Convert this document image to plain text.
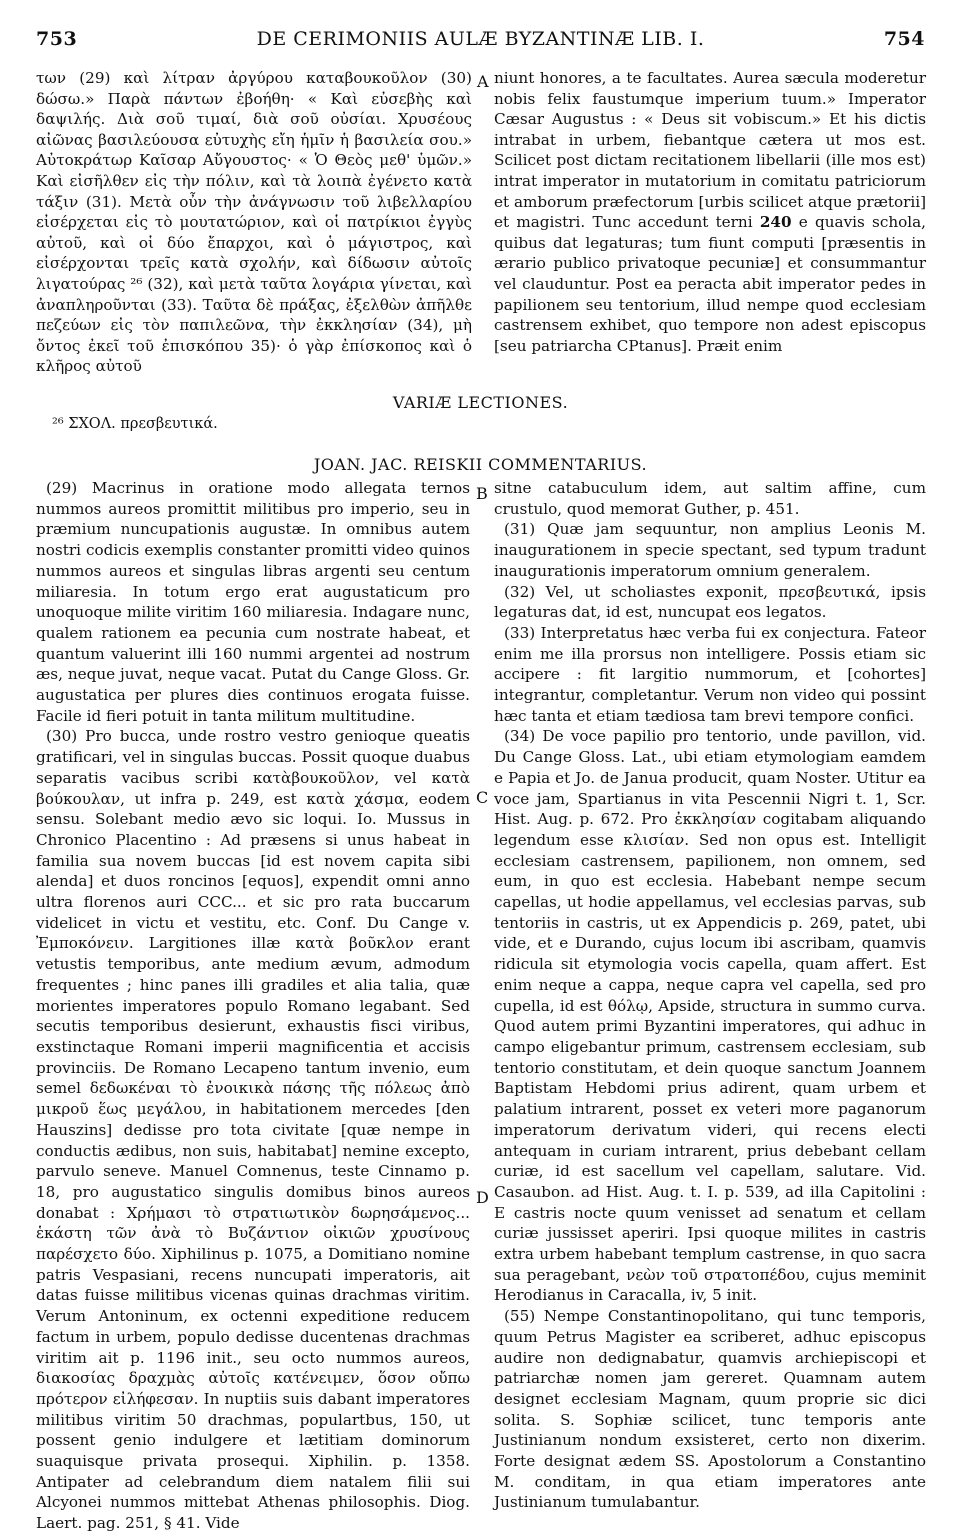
753	DE CERIMONIIS AULÆ BYZANTINÆ LIB. I.	754

των (29) καὶ λίτραν ἀργύρου καταβουκοῦλον (30) δώσω.» Παρὰ πάντων ἐβοήθη· « Καὶ εὐσεβὴς καὶ δαψιλής. Διὰ σοῦ τιμαί, διὰ σοῦ οὐσίαι. Χρυσέους αἰῶνας βασιλεύουσα εὐτυχὴς εἴη ἡμῖν ἡ βασιλεία σου.» Αὐτοκράτωρ Καῖσαρ Αὔγουστος· « Ὁ Θεὸς μεθ' ὑμῶν.» Καὶ εἰσῆλθεν εἰς τὴν πόλιν, καὶ τὰ λοιπὰ ἐγένετο κατὰ τάξιν (31). Μετὰ οὖν τὴν ἀνάγνωσιν τοῦ λιβελλαρίου εἰσέρχεται εἰς τὸ μουτατώριον, καὶ οἱ πατρίκιοι ἐγγὺς αὐτοῦ, καὶ οἱ δύο ἔπαρχοι, καὶ ὁ μάγιστρος, καὶ εἰσέρχονται τρεῖς κατὰ σχολήν, καὶ δίδωσιν αὐτοῖς λιγατούρας ²⁶ (32), καὶ μετὰ ταῦτα λογάρια γίνεται, καὶ ἀναπληροῦνται (33). Ταῦτα δὲ πράξας, ἐξελθὼν ἀπῆλθε πεζεύων εἰς τὸν παπιλεῶνα, τὴν ἐκκλησίαν (34), μὴ ὄντος ἐκεῖ τοῦ ἐπισκόπου 35)· ὁ γὰρ ἐπίσκοπος καὶ ὁ κλῆρος αὐτοῦ

A niunt honores, a te facultates. Aurea sæcula moderetur nobis felix faustumque imperium tuum.» Imperator Cæsar Augustus : « Deus sit vobiscum.» Et his dictis intrabat in urbem, fiebantque cætera ut mos est. Scilicet post dictam recitationem libellarii (ille mos est) intrat imperator in mutatorium in comitatu patriciorum et amborum præfectorum [urbis scilicet atque prætorii] et magistri. Tunc accedunt terni 240 e quavis schola, quibus dat legaturas; tum fiunt computi [præsentis in ærario publico privatoque pecuniæ] et consummantur vel clauduntur. Post ea peracta abit imperator pedes in papilionem seu tentorium, illud nempe quod ecclesiam castrensem exhibet, quo tempore non adest episcopus [seu patriarcha CPtanus]. Præit enim

VARIÆ LECTIONES.
²⁶ ΣΧΟΛ. πρεσβευτικά.
JOAN. JAC. REISKII COMMENTARIUS.

(29) Macrinus in oratione modo allegata ternos nummos aureos promittit militibus pro imperio, seu in præmium nuncupationis augustæ. In omnibus autem nostri codicis exemplis constanter promitti video quinos nummos aureos et singulas libras argenti seu centum miliaresia. In totum ergo erat augustaticum pro unoquoque milite viritim 160 miliaresia. Indagare nunc, qualem rationem ea pecunia cum nostrate habeat, et quantum valuerint illi 160 nummi argentei ad nostrum æs, neque juvat, neque vacat. Putat du Cange Gloss. Gr. augustatica per plures dies continuos erogata fuisse. Facile id fieri potuit in tanta militum multitudine.

(30) Pro bucca, unde rostro vestro genioque queatis gratificari, vel in singulas buccas. Possit quoque duabus separatis vacibus scribi κατὰβουκοῦλον, vel κατὰ βούκουλαν, ut infra p. 249, est κατὰ χάσμα, eodem sensu. Solebant medio ævo sic loqui. Io. Mussus in Chronico Placentino : Ad præsens si unus habeat in familia sua novem buccas [id est novem capita sibi alenda] et duos roncinos [equos], expendit omni anno ultra florenos auri CCC... et sic pro rata buccarum videlicet in victu et vestitu, etc. Conf. Du Cange v. Ἐμποκόνειν. Largitiones illæ κατὰ βοῦκλον erant vetustis temporibus, ante medium ævum, admodum frequentes ; hinc panes illi gradiles et alia talia, quæ morientes imperatores populo Romano legabant. Sed secutis temporibus desierunt, exhaustis fisci viribus, exstinctaque Romani imperii magnificentia et accisis provinciis. De Romano Lecapeno tantum invenio, eum semel δεδωκέναι τὸ ἐνοικικὰ πάσης τῆς πόλεως ἀπὸ μικροῦ ἕως μεγάλου, in habitationem mercedes [den Hauszins] dedisse pro tota civitate [quæ nempe in conductis ædibus, non suis, habitabat] nemine excepto, parvulo seneve. Manuel Comnenus, teste Cinnamo p. 18, pro augustatico singulis domibus binos aureos donabat : Χρήμασι τὸ στρατιωτικὸν δωρησάμενος... ἑκάστη τῶν ἀνὰ τὸ Βυζάντιον οἰκιῶν χρυσίνους παρέσχετο δύο. Xiphilinus p. 1075, a Domitiano nomine patris Vespasiani, recens nuncupati imperatoris, ait datas fuisse militibus vicenas quinas drachmas viritim. Verum Antoninum, ex octenni expeditione reducem factum in urbem, populo dedisse ducentenas drachmas viritim ait p. 1196 init., seu octo nummos aureos, διακοσίας δραχμὰς αὐτοῖς κατένειμεν, ὅσον οὔπω πρότερον εἰλήφεσαν. In nuptiis suis dabant imperatores militibus viritim 50 drachmas, populartbus, 150, ut possent genio indulgere et lætitiam dominorum suaquisque privata prosequi. Xiphilin. p. 1358. Antipater ad celebrandum diem natalem filii sui Alcyonei nummos mittebat Athenas philosophis. Diog. Laert. pag. 251, § 41. Vide

B
C
D

sitne catabuculum idem, aut saltim affine, cum crustulo, quod memorat Guther, p. 451.

(31) Quæ jam sequuntur, non amplius Leonis M. inaugurationem in specie spectant, sed typum tradunt inaugurationis imperatorum omnium generalem.

(32) Vel, ut scholiastes exponit, πρεσβευτικά, ipsis legaturas dat, id est, nuncupat eos legatos.

(33) Interpretatus hæc verba fui ex conjectura. Fateor enim me illa prorsus non intelligere. Possis etiam sic accipere : fit largitio nummorum, et [cohortes] integrantur, completantur. Verum non video qui possint hæc tanta et etiam tædiosa tam brevi tempore confici.

(34) De voce papilio pro tentorio, unde pavillon, vid. Du Cange Gloss. Lat., ubi etiam etymologiam eamdem e Papia et Jo. de Janua producit, quam Noster. Utitur ea voce jam, Spartianus in vita Pescennii Nigri t. 1, Scr. Hist. Aug. p. 672. Pro ἐκκλησίαν cogitabam aliquando legendum esse κλισίαν. Sed non opus est. Intelligit ecclesiam castrensem, papilionem, non omnem, sed eum, in quo est ecclesia. Habebant nempe secum capellas, ut hodie appellamus, vel ecclesias parvas, sub tentoriis in castris, ut ex Appendicis p. 269, patet, ubi vide, et e Durando, cujus locum ibi ascribam, quamvis ridicula sit etymologia vocis capella, quam affert. Est enim neque a cappa, neque capra vel capella, sed pro cupella, id est θόλῳ, Apside, structura in summo curva. Quod autem primi Byzantini imperatores, qui adhuc in campo eligebantur primum, castrensem ecclesiam, sub tentorio constitutam, et dein quoque sanctum Joannem Baptistam Hebdomi prius adirent, quam urbem et palatium intrarent, posset ex veteri more paganorum imperatorum derivatum videri, qui recens electi antequam in curiam intrarent, prius debebant cellam curiæ, id est sacellum vel capellam, salutare. Vid. Casaubon. ad Hist. Aug. t. I. p. 539, ad illa Capitolini : E castris nocte quum venisset ad senatum et cellam curiæ jussisset aperiri. Ipsi quoque milites in castris extra urbem habebant templum castrense, in quo sacra sua peragebant, νεὼν τοῦ στρατοπέδου, cujus meminit Herodianus in Caracalla, iv, 5 init.

(55) Nempe Constantinopolitano, qui tunc temporis, quum Petrus Magister ea scriberet, adhuc episcopus audire non dedignabatur, quamvis archiepiscopi et patriarchæ nomen jam gereret. Quamnam autem designet ecclesiam Magnam, quum proprie sic dici solita. S. Sophiæ scilicet, tunc temporis ante Justinianum nondum exsisteret, certo non dixerim. Forte designat ædem SS. Apostolorum a Constantino M. conditam, in qua etiam imperatores ante Justinianum tumulabantur.
